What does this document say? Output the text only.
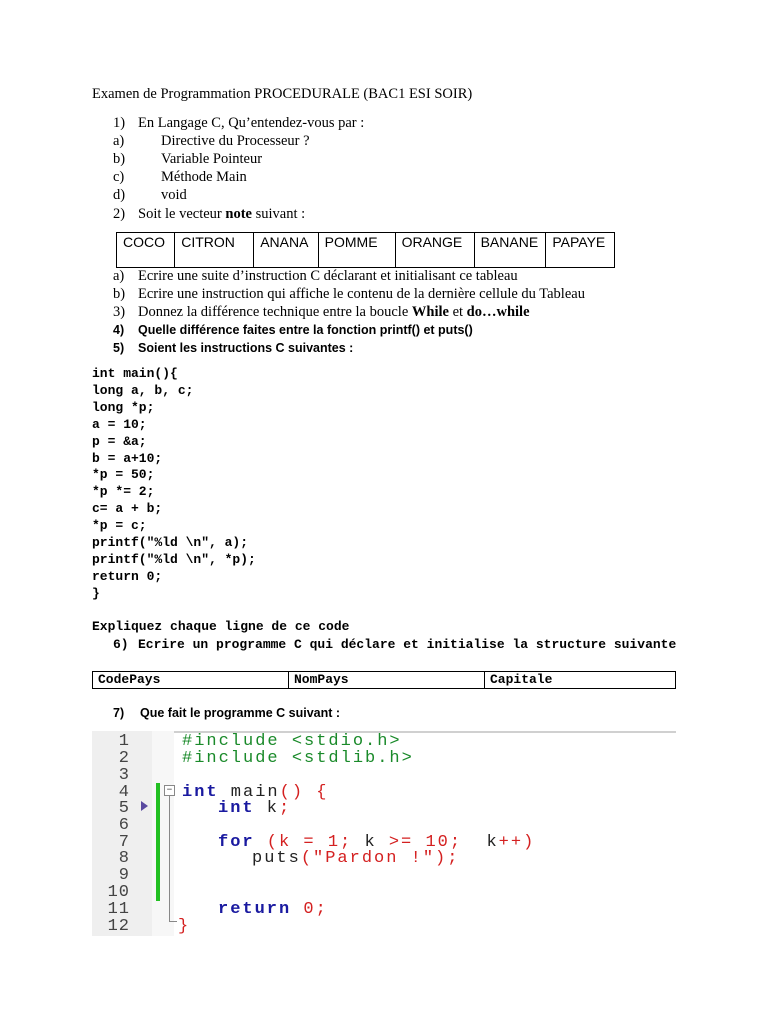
Examen de Programmation PROCEDURALE (BAC1 ESI SOIR)
1) En Langage C, Qu’entendez-vous par :
a)	Directive du Processeur ?
b) Variable Pointeur
c)	Méthode Main
d) void
2) Soit le vecteur note suivant :
COCO	CITRON	ANANA	POMME	ORANGE	BANANE	PAPAYE
a) Ecrire une suite d’instruction C déclarant et initialisant ce tableau
b) Ecrire une instruction qui affiche le contenu de la dernière cellule du Tableau
3) Donnez la différence technique entre la boucle While et do…while
4) Quelle différence faites entre la fonction printf() et puts()
5) Soient les instructions C suivantes :
int main(){
long a, b, c;
long *p;
a = 10;
p = &a;
b = a+10;
*p = 50;
*p *= 2;
c= a + b;
*p = c;
printf("%ld \n", a);
printf("%ld \n", *p);
return 0;
}
Expliquez chaque ligne de ce code
6) Ecrire un programme C qui déclare et initialise la structure suivante
CodePays	NomPays	Capitale
7) Que fait le programme C suivant :
−
1
2
3
4
5
6
7
8
9
10
11
12
#include <stdio.h>
#include <stdlib.h>
int main() {
int k;
for (k = 1; k >= 10;  k++)
puts("Pardon !");
return 0;
}
